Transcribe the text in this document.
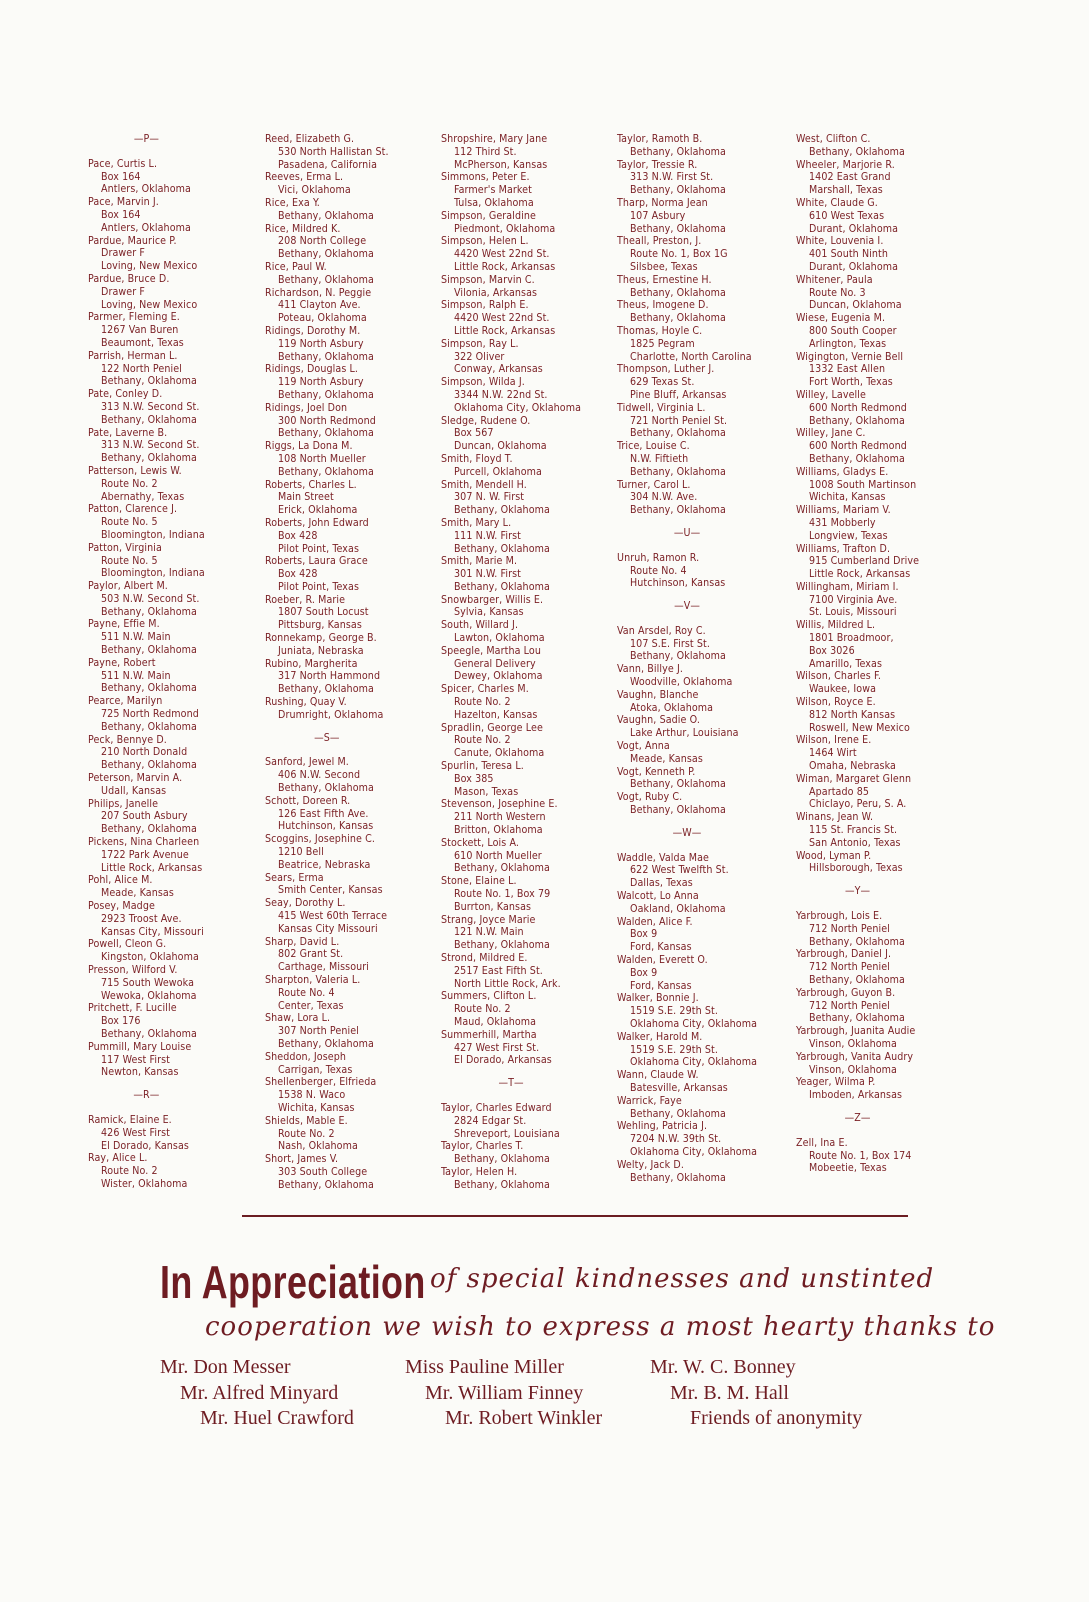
—P—
Pace, Curtis L.
Box 164
Antlers, Oklahoma
Pace, Marvin J.
Box 164
Antlers, Oklahoma
Pardue, Maurice P.
Drawer F
Loving, New Mexico
Pardue, Bruce D.
Drawer F
Loving, New Mexico
Parmer, Fleming E.
1267 Van Buren
Beaumont, Texas
Parrish, Herman L.
122 North Peniel
Bethany, Oklahoma
Pate, Conley D.
313 N.W. Second St.
Bethany, Oklahoma
Pate, Laverne B.
313 N.W. Second St.
Bethany, Oklahoma
Patterson, Lewis W.
Route No. 2
Abernathy, Texas
Patton, Clarence J.
Route No. 5
Bloomington, Indiana
Patton, Virginia
Route No. 5
Bloomington, Indiana
Paylor, Albert M.
503 N.W. Second St.
Bethany, Oklahoma
Payne, Effie M.
511 N.W. Main
Bethany, Oklahoma
Payne, Robert
511 N.W. Main
Bethany, Oklahoma
Pearce, Marilyn
725 North Redmond
Bethany, Oklahoma
Peck, Bennye D.
210 North Donald
Bethany, Oklahoma
Peterson, Marvin A.
Udall, Kansas
Philips, Janelle
207 South Asbury
Bethany, Oklahoma
Pickens, Nina Charleen
1722 Park Avenue
Little Rock, Arkansas
Pohl, Alice M.
Meade, Kansas
Posey, Madge
2923 Troost Ave.
Kansas City, Missouri
Powell, Cleon G.
Kingston, Oklahoma
Presson, Wilford V.
715 South Wewoka
Wewoka, Oklahoma
Pritchett, F. Lucille
Box 176
Bethany, Oklahoma
Pummill, Mary Louise
117 West First
Newton, Kansas
—R—
Ramick, Elaine E.
426 West First
El Dorado, Kansas
Ray, Alice L.
Route No. 2
Wister, Oklahoma
Reed, Elizabeth G.
530 North Hallistan St.
Pasadena, California
Reeves, Erma L.
Vici, Oklahoma
Rice, Exa Y.
Bethany, Oklahoma
Rice, Mildred K.
208 North College
Bethany, Oklahoma
Rice, Paul W.
Bethany, Oklahoma
Richardson, N. Peggie
411 Clayton Ave.
Poteau, Oklahoma
Ridings, Dorothy M.
119 North Asbury
Bethany, Oklahoma
Ridings, Douglas L.
119 North Asbury
Bethany, Oklahoma
Ridings, Joel Don
300 North Redmond
Bethany, Oklahoma
Riggs, La Dona M.
108 North Mueller
Bethany, Oklahoma
Roberts, Charles L.
Main Street
Erick, Oklahoma
Roberts, John Edward
Box 428
Pilot Point, Texas
Roberts, Laura Grace
Box 428
Pilot Point, Texas
Roeber, R. Marie
1807 South Locust
Pittsburg, Kansas
Ronnekamp, George B.
Juniata, Nebraska
Rubino, Margherita
317 North Hammond
Bethany, Oklahoma
Rushing, Quay V.
Drumright, Oklahoma
—S—
Sanford, Jewel M.
406 N.W. Second
Bethany, Oklahoma
Schott, Doreen R.
126 East Fifth Ave.
Hutchinson, Kansas
Scoggins, Josephine C.
1210 Bell
Beatrice, Nebraska
Sears, Erma
Smith Center, Kansas
Seay, Dorothy L.
415 West 60th Terrace
Kansas City Missouri
Sharp, David L.
802 Grant St.
Carthage, Missouri
Sharpton, Valeria L.
Route No. 4
Center, Texas
Shaw, Lora L.
307 North Peniel
Bethany, Oklahoma
Sheddon, Joseph
Carrigan, Texas
Shellenberger, Elfrieda
1538 N. Waco
Wichita, Kansas
Shields, Mable E.
Route No. 2
Nash, Oklahoma
Short, James V.
303 South College
Bethany, Oklahoma
Shropshire, Mary Jane
112 Third St.
McPherson, Kansas
Simmons, Peter E.
Farmer's Market
Tulsa, Oklahoma
Simpson, Geraldine
Piedmont, Oklahoma
Simpson, Helen L.
4420 West 22nd St.
Little Rock, Arkansas
Simpson, Marvin C.
Vilonia, Arkansas
Simpson, Ralph E.
4420 West 22nd St.
Little Rock, Arkansas
Simpson, Ray L.
322 Oliver
Conway, Arkansas
Simpson, Wilda J.
3344 N.W. 22nd St.
Oklahoma City, Oklahoma
Sledge, Rudene O.
Box 567
Duncan, Oklahoma
Smith, Floyd T.
Purcell, Oklahoma
Smith, Mendell H.
307 N. W. First
Bethany, Oklahoma
Smith, Mary L.
111 N.W. First
Bethany, Oklahoma
Smith, Marie M.
301 N.W. First
Bethany, Oklahoma
Snowbarger, Willis E.
Sylvia, Kansas
South, Willard J.
Lawton, Oklahoma
Speegle, Martha Lou
General Delivery
Dewey, Oklahoma
Spicer, Charles M.
Route No. 2
Hazelton, Kansas
Spradlin, George Lee
Route No. 2
Canute, Oklahoma
Spurlin, Teresa L.
Box 385
Mason, Texas
Stevenson, Josephine E.
211 North Western
Britton, Oklahoma
Stockett, Lois A.
610 North Mueller
Bethany, Oklahoma
Stone, Elaine L.
Route No. 1, Box 79
Burrton, Kansas
Strang, Joyce Marie
121 N.W. Main
Bethany, Oklahoma
Strond, Mildred E.
2517 East Fifth St.
North Little Rock, Ark.
Summers, Clifton L.
Route No. 2
Maud, Oklahoma
Summerhill, Martha
427 West First St.
El Dorado, Arkansas
—T—
Taylor, Charles Edward
2824 Edgar St.
Shreveport, Louisiana
Taylor, Charles T.
Bethany, Oklahoma
Taylor, Helen H.
Bethany, Oklahoma
Taylor, Ramoth B.
Bethany, Oklahoma
Taylor, Tressie R.
313 N.W. First St.
Bethany, Oklahoma
Tharp, Norma Jean
107 Asbury
Bethany, Oklahoma
Theall, Preston, J.
Route No. 1, Box 1G
Silsbee, Texas
Theus, Ernestine H.
Bethany, Oklahoma
Theus, Imogene D.
Bethany, Oklahoma
Thomas, Hoyle C.
1825 Pegram
Charlotte, North Carolina
Thompson, Luther J.
629 Texas St.
Pine Bluff, Arkansas
Tidwell, Virginia L.
721 North Peniel St.
Bethany, Oklahoma
Trice, Louise C.
N.W. Fiftieth
Bethany, Oklahoma
Turner, Carol L.
304 N.W. Ave.
Bethany, Oklahoma
—U—
Unruh, Ramon R.
Route No. 4
Hutchinson, Kansas
—V—
Van Arsdel, Roy C.
107 S.E. First St.
Bethany, Oklahoma
Vann, Billye J.
Woodville, Oklahoma
Vaughn, Blanche
Atoka, Oklahoma
Vaughn, Sadie O.
Lake Arthur, Louisiana
Vogt, Anna
Meade, Kansas
Vogt, Kenneth P.
Bethany, Oklahoma
Vogt, Ruby C.
Bethany, Oklahoma
—W—
Waddle, Valda Mae
622 West Twelfth St.
Dallas, Texas
Walcott, Lo Anna
Oakland, Oklahoma
Walden, Alice F.
Box 9
Ford, Kansas
Walden, Everett O.
Box 9
Ford, Kansas
Walker, Bonnie J.
1519 S.E. 29th St.
Oklahoma City, Oklahoma
Walker, Harold M.
1519 S.E. 29th St.
Oklahoma City, Oklahoma
Wann, Claude W.
Batesville, Arkansas
Warrick, Faye
Bethany, Oklahoma
Wehling, Patricia J.
7204 N.W. 39th St.
Oklahoma City, Oklahoma
Welty, Jack D.
Bethany, Oklahoma
West, Clifton C.
Bethany, Oklahoma
Wheeler, Marjorie R.
1402 East Grand
Marshall, Texas
White, Claude G.
610 West Texas
Durant, Oklahoma
White, Louvenia I.
401 South Ninth
Durant, Oklahoma
Whitener, Paula
Route No. 3
Duncan, Oklahoma
Wiese, Eugenia M.
800 South Cooper
Arlington, Texas
Wigington, Vernie Bell
1332 East Allen
Fort Worth, Texas
Willey, Lavelle
600 North Redmond
Bethany, Oklahoma
Willey, Jane C.
600 North Redmond
Bethany, Oklahoma
Williams, Gladys E.
1008 South Martinson
Wichita, Kansas
Williams, Mariam V.
431 Mobberly
Longview, Texas
Williams, Trafton D.
915 Cumberland Drive
Little Rock, Arkansas
Willingham, Miriam I.
7100 Virginia Ave.
St. Louis, Missouri
Willis, Mildred L.
1801 Broadmoor,
Box 3026
Amarillo, Texas
Wilson, Charles F.
Waukee, Iowa
Wilson, Royce E.
812 North Kansas
Roswell, New Mexico
Wilson, Irene E.
1464 Wirt
Omaha, Nebraska
Wiman, Margaret Glenn
Apartado 85
Chiclayo, Peru, S. A.
Winans, Jean W.
115 St. Francis St.
San Antonio, Texas
Wood, Lyman P.
Hillsborough, Texas
—Y—
Yarbrough, Lois E.
712 North Peniel
Bethany, Oklahoma
Yarbrough, Daniel J.
712 North Peniel
Bethany, Oklahoma
Yarbrough, Guyon B.
712 North Peniel
Bethany, Oklahoma
Yarbrough, Juanita Audie
Vinson, Oklahoma
Yarbrough, Vanita Audry
Vinson, Oklahoma
Yeager, Wilma P.
Imboden, Arkansas
—Z—
Zell, Ina E.
Route No. 1, Box 174
Mobeetie, Texas
In Appreciation of special kindnesses and unstinted
cooperation we wish to express a most hearty thanks to
Mr. Don Messer	Miss Pauline Miller	Mr. W. C. Bonney
Mr. Alfred Minyard	Mr. William Finney	Mr. B. M. Hall
Mr. Huel Crawford	Mr. Robert Winkler	Friends of anonymity
